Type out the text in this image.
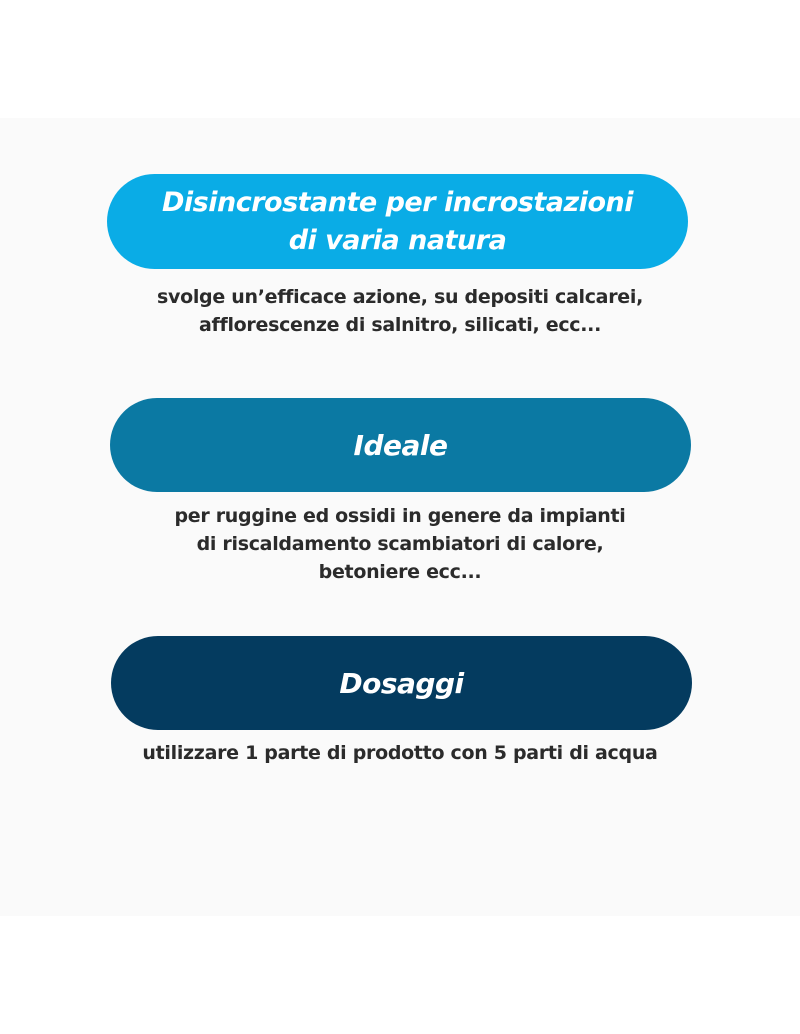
Disincrostante per incrostazioni
di varia natura
svolge un’efficace azione, su depositi calcarei,
afflorescenze di salnitro, silicati, ecc...
Ideale
per ruggine ed ossidi in genere da impianti
di riscaldamento scambiatori di calore,
betoniere ecc...
Dosaggi
utilizzare 1 parte di prodotto con 5 parti di acqua
